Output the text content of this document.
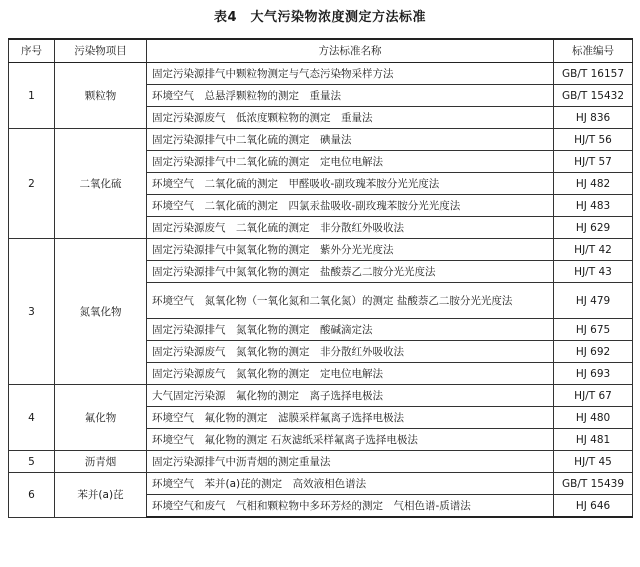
表4　大气污染物浓度测定方法标准
序号	污染物项目	方法标准名称	标准编号
1	颗粒物	固定污染源排气中颗粒物测定与气态污染物采样方法	GB/T 16157
		环境空气　总悬浮颗粒物的测定　重量法	GB/T 15432
		固定污染源废气　低浓度颗粒物的测定　重量法	HJ 836
2	二氧化硫	固定污染源排气中二氧化硫的测定　碘量法	HJ/T 56
		固定污染源排气中二氧化硫的测定　定电位电解法	HJ/T 57
		环境空气　二氧化硫的测定　甲醛吸收-副玫瑰苯胺分光光度法	HJ 482
		环境空气　二氧化硫的测定　四氯汞盐吸收-副玫瑰苯胺分光光度法	HJ 483
		固定污染源废气　二氧化硫的测定　非分散红外吸收法	HJ 629
3	氮氧化物	固定污染源排气中氮氧化物的测定　紫外分光光度法	HJ/T 42
		固定污染源排气中氮氧化物的测定　盐酸萘乙二胺分光光度法	HJ/T 43
		环境空气　氮氧化物（一氧化氮和二氧化氮）的测定 盐酸萘乙二胺分光光度法	HJ 479
		固定污染源排气　氮氧化物的测定　酸碱滴定法	HJ 675
		固定污染源废气　氮氧化物的测定　非分散红外吸收法	HJ 692
		固定污染源废气　氮氧化物的测定　定电位电解法	HJ 693
4	氟化物	大气固定污染源　氟化物的测定　离子选择电极法	HJ/T 67
		环境空气　氟化物的测定　滤膜采样氟离子选择电极法	HJ 480
		环境空气　氟化物的测定 石灰滤纸采样氟离子选择电极法	HJ 481
5	沥青烟	固定污染源排气中沥青烟的测定重量法	HJ/T 45
6	苯并(a)芘	环境空气　苯并(a)芘的测定　高效液相色谱法	GB/T 15439
		环境空气和废气　气相和颗粒物中多环芳烃的测定　气相色谱-质谱法	HJ 646
